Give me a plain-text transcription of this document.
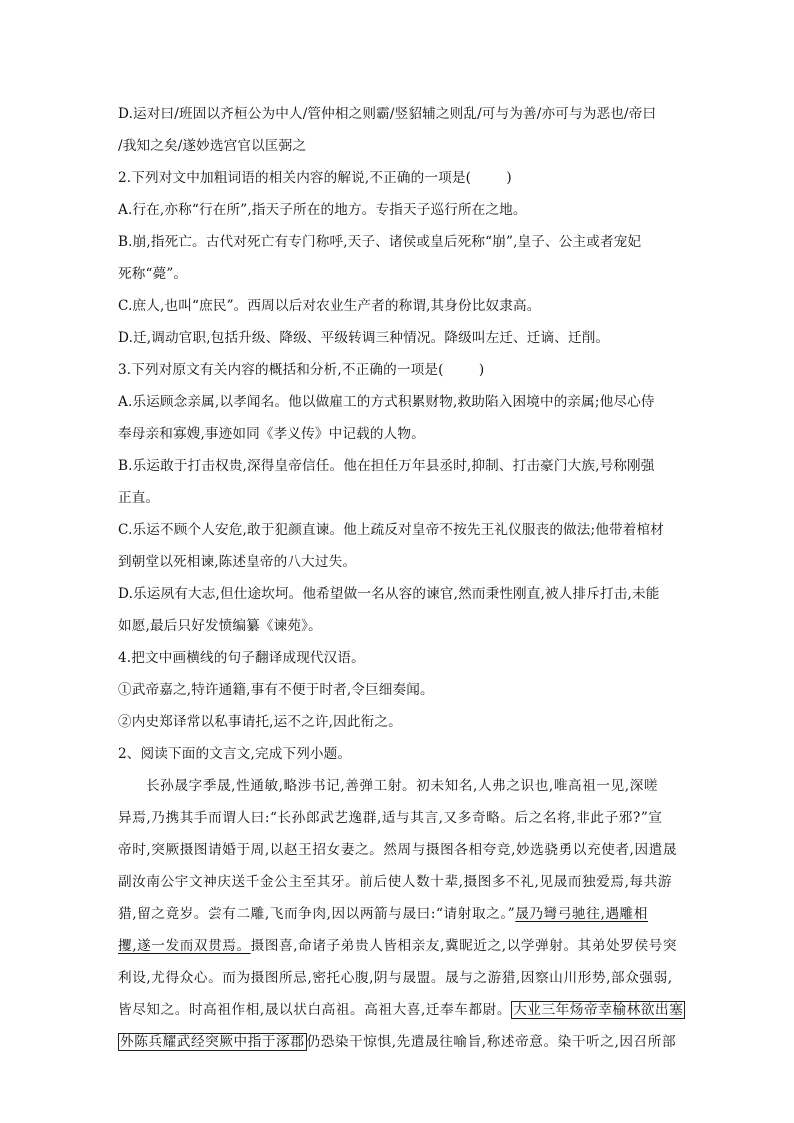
D.运对曰/班固以齐桓公为中人/管仲相之则霸/竖貂辅之则乱/可与为善/亦可与为恶也/帝曰
/我知之矣/遂妙选宫官以匡弼之
2.下列对文中加粗词语的相关内容的解说,不正确的一项是(	)
A.行在,亦称“行在所”,指天子所在的地方。专指天子巡行所在之地。
B.崩,指死亡。古代对死亡有专门称呼,天子、诸侯或皇后死称“崩”,皇子、公主或者宠妃
死称“薨”。
C.庶人,也叫“庶民”。西周以后对农业生产者的称谓,其身份比奴隶高。
D.迁,调动官职,包括升级、降级、平级转调三种情况。降级叫左迁、迁谪、迁削。
3.下列对原文有关内容的概括和分析,不正确的一项是(	)
A.乐运顾念亲属,以孝闻名。他以做雇工的方式积累财物,救助陷入困境中的亲属;他尽心侍
奉母亲和寡嫂,事迹如同《孝义传》中记载的人物。
B.乐运敢于打击权贵,深得皇帝信任。他在担任万年县丞时,抑制、打击豪门大族,号称刚强
正直。
C.乐运不顾个人安危,敢于犯颜直谏。他上疏反对皇帝不按先王礼仪服丧的做法;他带着棺材
到朝堂以死相谏,陈述皇帝的八大过失。
D.乐运夙有大志,但仕途坎坷。他希望做一名从容的谏官,然而秉性刚直,被人排斥打击,未能
如愿,最后只好发愤编纂《谏苑》。
4.把文中画横线的句子翻译成现代汉语。
①武帝嘉之,特许通籍,事有不便于时者,令巨细奏闻。
②内史郑译常以私事请托,运不之许,因此衔之。
2、阅读下面的文言文,完成下列小题。
长孙晟字季晟,性通敏,略涉书记,善弹工射。初未知名,人弗之识也,唯高祖一见,深嗟
异焉,乃携其手而谓人曰:“长孙郎武艺逸群,适与其言,又多奇略。后之名将,非此子邪?”宣
帝时,突厥摄图请婚于周,以赵王招女妻之。然周与摄图各相夸竞,妙选骁勇以充使者,因遣晟
副汝南公宇文神庆送千金公主至其牙。前后使人数十辈,摄图多不礼,见晟而独爱焉,每共游
猎,留之竟岁。尝有二雕,飞而争肉,因以两箭与晟曰:“请射取之。”晟乃彎弓驰往,遇雕相
攫,遂一发而双贯焉。摄图喜,命诸子弟贵人皆相亲友,冀昵近之,以学弹射。其弟处罗侯号突
利设,尤得众心。而为摄图所忌,密托心腹,阴与晟盟。晟与之游猎,因察山川形势,部众强弱,
皆尽知之。时高祖作相,晟以状白高祖。高祖大喜,迁奉车都尉。 大业三年炀帝幸榆林欲出塞
外陈兵耀武经突厥中指于涿郡 仍恐染干惊惧,先遣晟往喻旨,称述帝意。染干听之,因召所部
